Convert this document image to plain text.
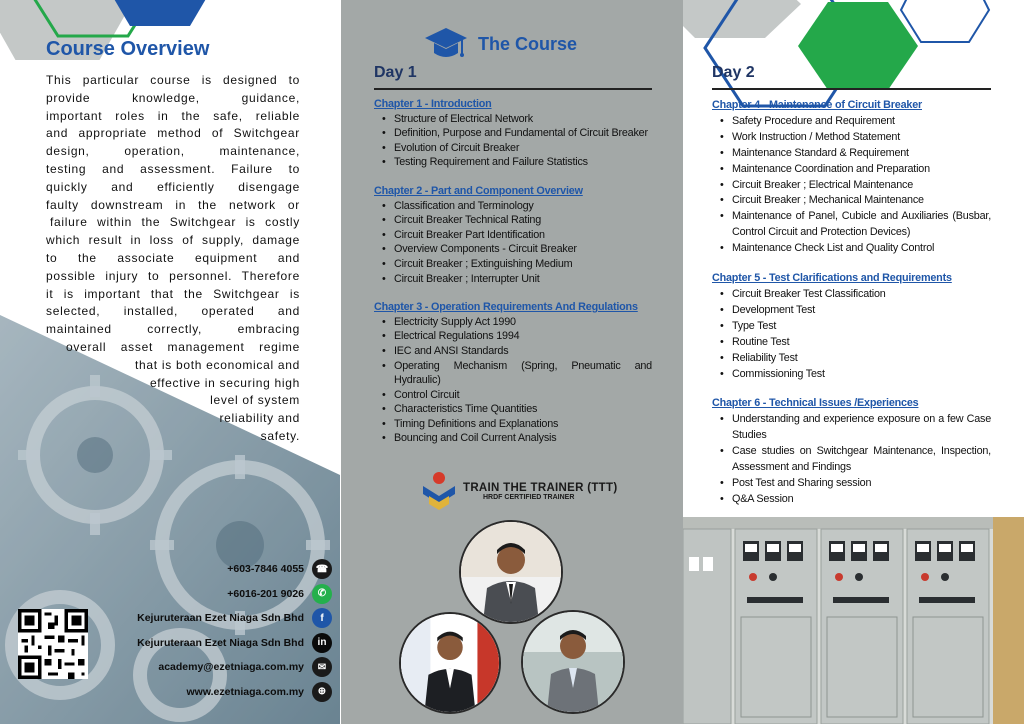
Course Overview
This particular course is designed to
provide knowledge, guidance,
important roles in the safe, reliable
and appropriate method of Switchgear
design, operation, maintenance,
testing and assessment. Failure to
quickly and efficiently disengage
faulty downstream in the network or
failure within the Switchgear is costly
which result in loss of supply, damage
to the associate equipment and
possible injury to personnel. Therefore
it is important that the Switchgear is
selected, installed, operated and
maintained correctly, embracing
overall asset management regime
that is both economical and
effective in securing high
level of system
reliability and
safety.
+603-7846 4055	☎
+6016-201 9026	✆
Kejuruteraan Ezet Niaga Sdn Bhd	f
Kejuruteraan Ezet Niaga Sdn Bhd	in
academy@ezetniaga.com.my	✉
www.ezetniaga.com.my	⊕
The Course
Day 1
Chapter 1 - Introduction
• Structure of Electrical Network
• Definition, Purpose and Fundamental of Circuit Breaker
• Evolution of Circuit Breaker
• Testing Requirement and Failure Statistics
Chapter 2 - Part and Component Overview
• Classification and Terminology
• Circuit Breaker Technical Rating
• Circuit Breaker Part Identification
• Overview Components - Circuit Breaker
• Circuit Breaker ; Extinguishing Medium
• Circuit Breaker ; Interrupter Unit
Chapter 3 - Operation Requirements And Regulations
• Electricity Supply Act 1990
• Electrical Regulations 1994
• IEC and ANSI Standards
• Operating Mechanism (Spring, Pneumatic and Hydraulic)
• Control Circuit
• Characteristics Time Quantities
• Timing Definitions and Explanations
• Bouncing and Coil Current Analysis
TRAIN THE TRAINER (TTT)
HRDF CERTIFIED TRAINER
Day 2
Chapter 4 - Maintenance of Circuit Breaker
• Safety Procedure and Requirement
• Work Instruction / Method Statement
• Maintenance Standard & Requirement
• Maintenance Coordination and Preparation
• Circuit Breaker ; Electrical Maintenance
• Circuit Breaker ; Mechanical Maintenance
• Maintenance of Panel, Cubicle and Auxiliaries (Busbar, Control Circuit and Protection Devices)
• Maintenance Check List and Quality Control
Chapter 5 - Test Clarifications and Requirements
• Circuit Breaker Test Classification
• Development Test
• Type Test
• Routine Test
• Reliability Test
• Commissioning Test
Chapter 6 - Technical Issues /Experiences
• Understanding and experience exposure on a few Case Studies
• Case studies on Switchgear Maintenance, Inspection, Assessment and Findings
• Post Test and Sharing session
• Q&A Session
